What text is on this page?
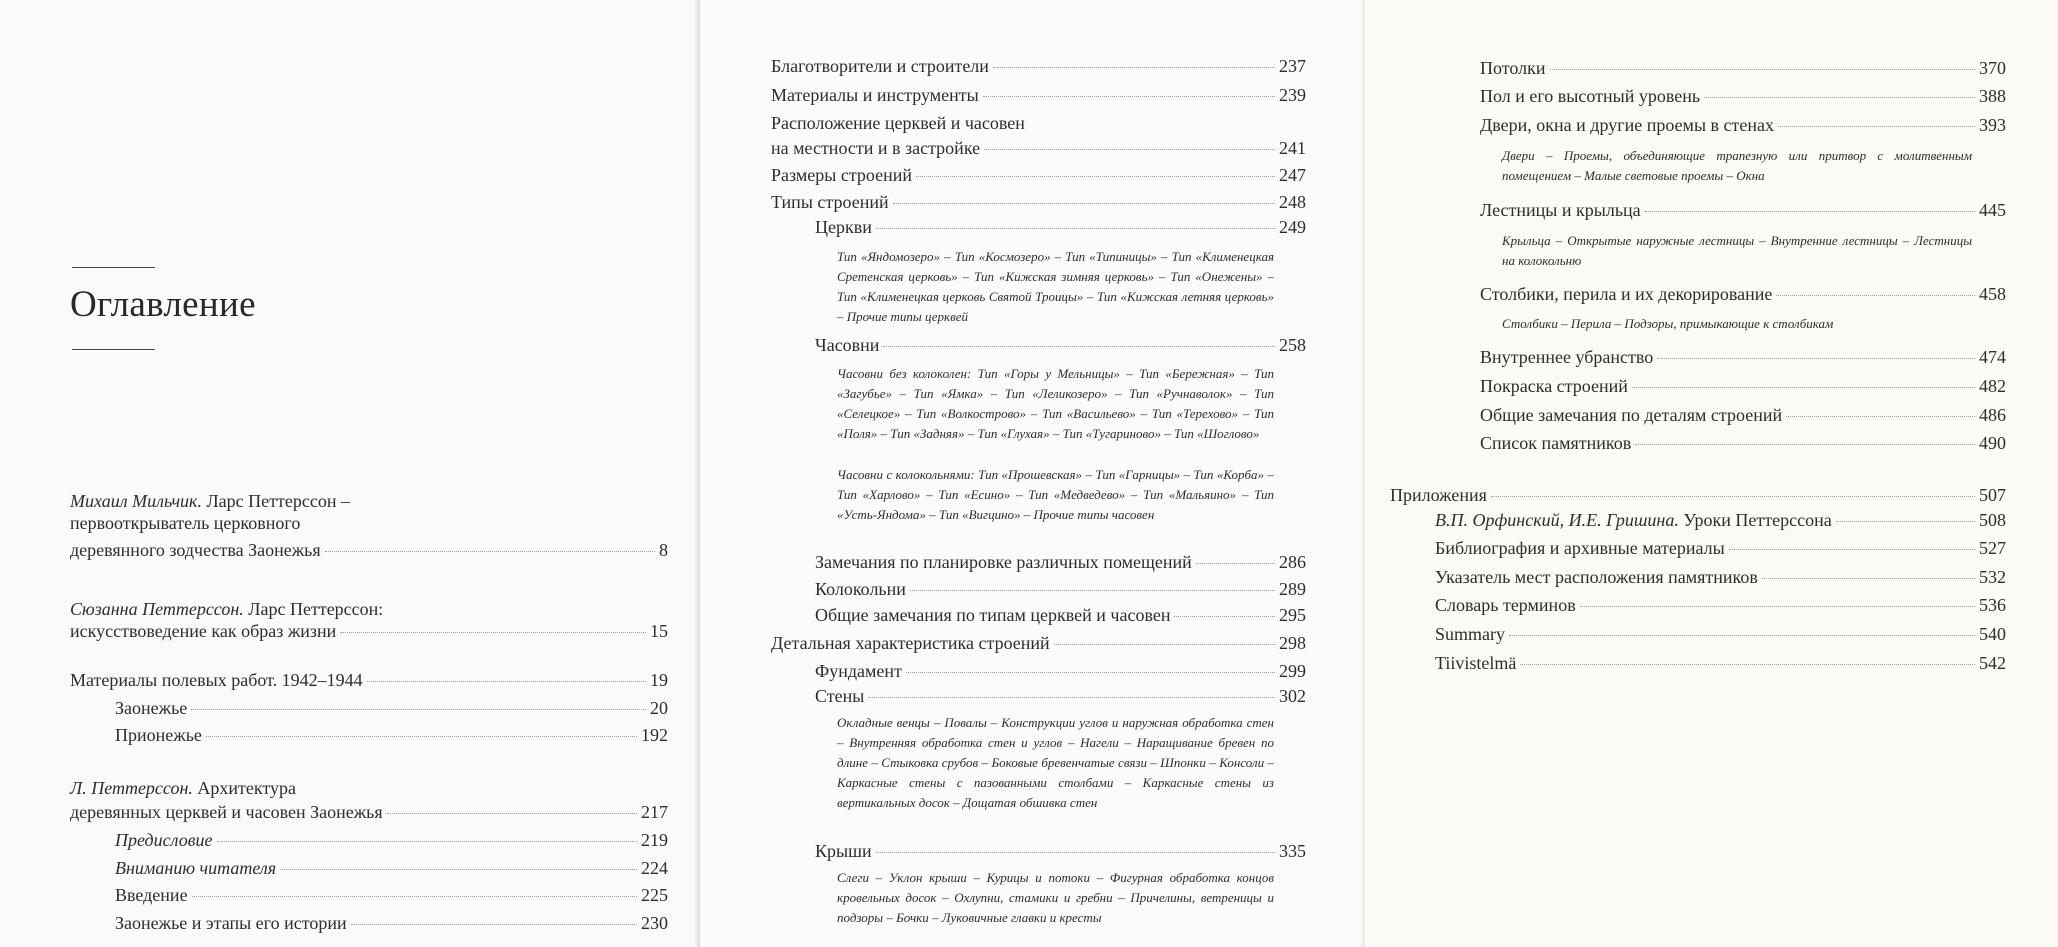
Оглавление
Михаил Мильчик. Ларс Петтерссон –
первооткрыватель церковного
деревянного зодчества Заонежья	8
Сюзанна Петтерссон. Ларс Петтерссон:
искусствоведение как образ жизни	15
Материалы полевых работ. 1942–1944	19
Заонежье	20
Прионежье	192
Л. Петтерссон. Архитектура
деревянных церквей и часовен Заонежья	217
Предисловие	219
Вниманию читателя	224
Введение	225
Заонежье и этапы его истории	230
Благотворители и строители	237
Материалы и инструменты	239
Расположение церквей и часовен
на местности и в застройке	241
Размеры строений	247
Типы строений	248
Церкви	249
Тип «Яндомозеро» – Тип «Космозеро» – Тип «Типиницы» – Тип «Клименецкая Сретенская церковь» – Тип «Кижская зимняя церковь» – Тип «Онежены» – Тип «Клименецкая церковь Святой Троицы» – Тип «Кижская летняя церковь» – Прочие типы церквей
Часовни	258
Часовни без колоколен: Тип «Горы у Мельницы» – Тип «Бережная» – Тип «Загубье» – Тип «Ямка» – Тип «Леликозеро» – Тип «Ручнаволок» – Тип «Селецкое» – Тип «Волкострово» – Тип «Васильево» – Тип «Терехово» – Тип «Поля» – Тип «Задняя» – Тип «Глухая» – Тип «Тугариново» – Тип «Шоглово»
Часовни с колокольнями: Тип «Прошевская» – Тип «Гарницы» – Тип «Корба» – Тип «Харлово» – Тип «Есино» – Тип «Медведево» – Тип «Мальяино» – Тип «Усть-Яндома» – Тип «Вигцино» – Прочие типы часовен
Замечания по планировке различных помещений	286
Колокольни	289
Общие замечания по типам церквей и часовен	295
Детальная характеристика строений	298
Фундамент	299
Стены	302
Окладные венцы – Повалы – Конструкции углов и наружная обработка стен – Внутренняя обработка стен и углов – Нагели – Наращивание бревен по длине – Стыковка срубов – Боковые бревенчатые связи – Шпонки – Консоли – Каркасные стены с пазованными столбами – Каркасные стены из вертикальных досок – Дощатая обшивка стен
Крыши	335
Слеги – Уклон крыши – Курицы и потоки – Фигурная обработка концов кровельных досок – Охлупни, стамики и гребни – Причелины, ветреницы и подзоры – Бочки – Луковичные главки и кресты
Потолки	370
Пол и его высотный уровень	388
Двери, окна и другие проемы в стенах	393
Двери – Проемы, объединяющие трапезную или притвор с молитвенным помещением – Малые световые проемы – Окна
Лестницы и крыльца	445
Крыльца – Открытые наружные лестницы – Внутренние лестницы – Лестницы на колокольню
Столбики, перила и их декорирование	458
Столбики – Перила – Подзоры, примыкающие к столбикам
Внутреннее убранство	474
Покраска строений	482
Общие замечания по деталям строений	486
Список памятников	490
Приложения	507
В.П. Орфинский, И.Е. Гришина. Уроки Петтерссона	508
Библиография и архивные материалы	527
Указатель мест расположения памятников	532
Словарь терминов	536
Summary	540
Tiivistelmä	542
